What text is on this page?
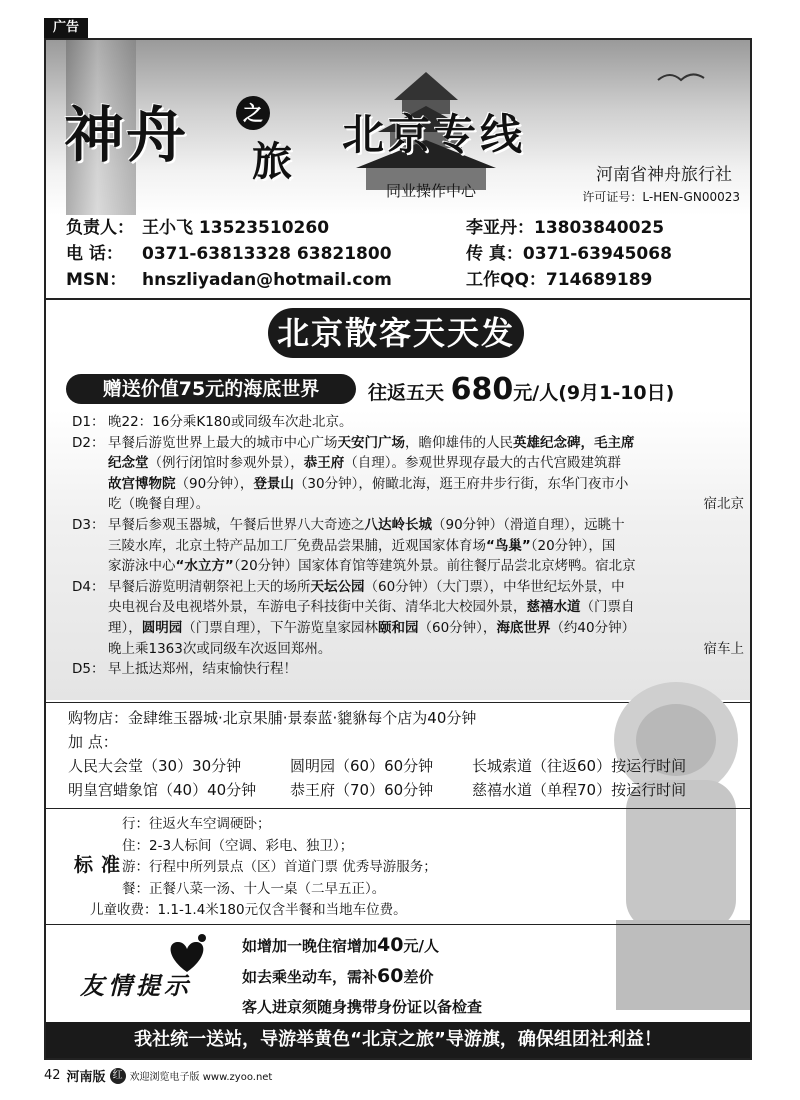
广告
神舟	之
旅
北京专线
同业操作中心
河南省神舟旅行社
许可证号：L-HEN-GN00023
负责人： 王小飞 13523510260	李亚丹：13803840025
电 话： 0371-63813328 63821800	传 真：0371-63945068
MSN： hnszliyadan@hotmail.com	工作QQ：714689189
北京散客天天发
赠送价值75元的海底世界	往返五天 680元/人(9月1-10日)
D1： 晚22：16分乘K180或同级车次赴北京。
D2： 早餐后游览世界上最大的城市中心广场天安门广场，瞻仰雄伟的人民英雄纪念碑，毛主席
纪念堂（例行闭馆时参观外景），恭王府（自理）。参观世界现存最大的古代宫殿建筑群
故宫博物院（90分钟），登景山（30分钟），俯瞰北海，逛王府井步行街，东华门夜市小
吃（晚餐自理）。	宿北京
D3： 早餐后参观玉器城，午餐后世界八大奇迹之八达岭长城（90分钟）（滑道自理），远眺十
三陵水库，北京土特产品加工厂免费品尝果脯，近观国家体育场“鸟巢”（20分钟），国
家游泳中心“水立方”（20分钟）国家体育馆等建筑外景。前往餐厅品尝北京烤鸭。宿北京
D4： 早餐后游览明清朝祭祀上天的场所天坛公园（60分钟）（大门票），中华世纪坛外景，中
央电视台及电视塔外景，车游电子科技街中关街、清华北大校园外景，慈禧水道（门票自
理），圆明园（门票自理），下午游览皇家园林颐和园（60分钟），海底世界（约40分钟）
晚上乘1363次或同级车次返回郑州。	宿车上
D5： 早上抵达郑州，结束愉快行程！
购物店：金肆维玉器城·北京果脯·景泰蓝·貔貅每个店为40分钟
加 点：
人民大会堂（30）30分钟	圆明园（60）60分钟	长城索道（往返60）按运行时间
明皇宫蜡象馆（40）40分钟	恭王府（70）60分钟	慈禧水道（单程70）按运行时间
标准
行：往返火车空调硬卧；
住：2-3人标间（空调、彩电、独卫）；
游：行程中所列景点（区）首道门票 优秀导游服务；
餐：正餐八菜一汤、十人一桌（二早五正）。
儿童收费：1.1-1.4米180元仅含半餐和当地车位费。
友情提示
如增加一晚住宿增加40元/人
如去乘坐动车，需补60差价
客人进京须随身携带身份证以备检查
我社统一送站，导游举黄色“北京之旅”导游旗，确保组团社利益！
42 河南版 红 欢迎浏览电子版 www.zyoo.net
